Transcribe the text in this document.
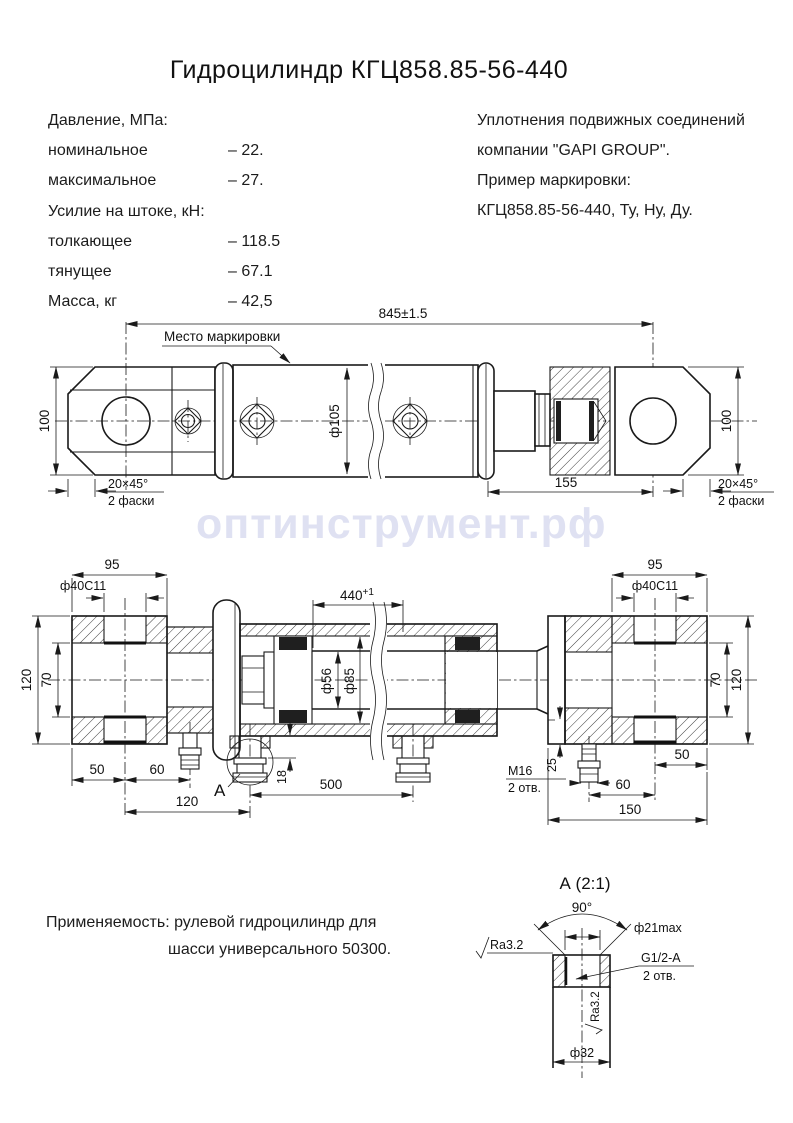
оптинструмент.рф
Гидроцилиндр КГЦ858.85-56-440
Давление, МПа:
номинальное	– 22.
максимальное	– 27.
Усилие на штоке, кН:
толкающее	– 118.5
тянущее	– 67.1
Масса, кг	– 42,5
Уплотнения подвижных соединений
компании "GAPI GROUP".
Пример маркировки:
КГЦ858.85-56-440, Ту, Ну, Ду.
Применяемость: рулевой гидроцилиндр для
шасси универсального 50300.
845±1.5
Место маркировки
100	100
ф105
155
20×45°
2 фаски
20×45°
2 фаски
95
ф40С11
120 70
50	60
120
500
18
А
$440^{+1}$
ф56 ф85
95
ф40С11
70 120
25
M16
2 отв.	60
50
150
А (2:1)
90°
ф21max
Ra3.2
G1/2-А
2 отв.
Ra3.2
ф32
